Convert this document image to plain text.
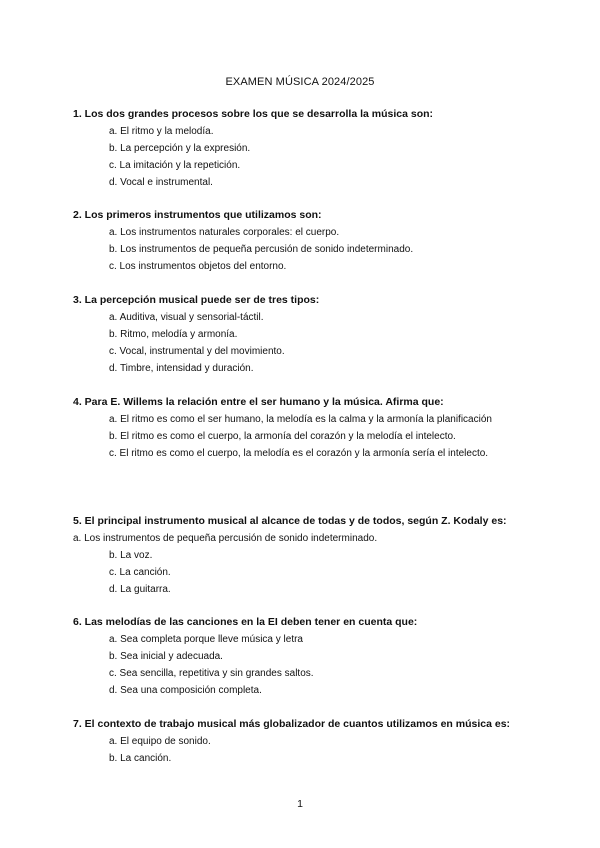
EXAMEN MÚSICA 2024/2025
1. Los dos grandes procesos sobre los que se desarrolla la música son:
a. El ritmo y la melodía.
b. La percepción y la expresión.
c. La imitación y la repetición.
d. Vocal e instrumental.
2. Los primeros instrumentos que utilizamos son:
a. Los instrumentos naturales corporales: el cuerpo.
b. Los instrumentos de pequeña percusión de sonido indeterminado.
c. Los instrumentos objetos del entorno.
3. La percepción musical puede ser de tres tipos:
a. Auditiva, visual y sensorial-táctil.
b. Ritmo, melodía y armonía.
c. Vocal, instrumental y del movimiento.
d. Timbre, intensidad y duración.
4. Para E. Willems la relación entre el ser humano y la música. Afirma que:
a. El ritmo es como el ser humano, la melodía es la calma y la armonía la planificación
b. El ritmo es como el cuerpo, la armonía del corazón y la melodía el intelecto.
c. El ritmo es como el cuerpo, la melodía es el corazón y la armonía sería el intelecto.
5. El principal instrumento musical al alcance de todas y de todos, según Z. Kodaly es:
a. Los instrumentos de pequeña percusión de sonido indeterminado.
b. La voz.
c. La canción.
d. La guitarra.
6. Las melodías de las canciones en la EI deben tener en cuenta que:
a. Sea completa porque lleve música y letra
b. Sea inicial y adecuada.
c. Sea sencilla, repetitiva y sin grandes saltos.
d. Sea una composición completa.
7. El contexto de trabajo musical más globalizador de cuantos utilizamos en música es:
a. El equipo de sonido.
b. La canción.
1
